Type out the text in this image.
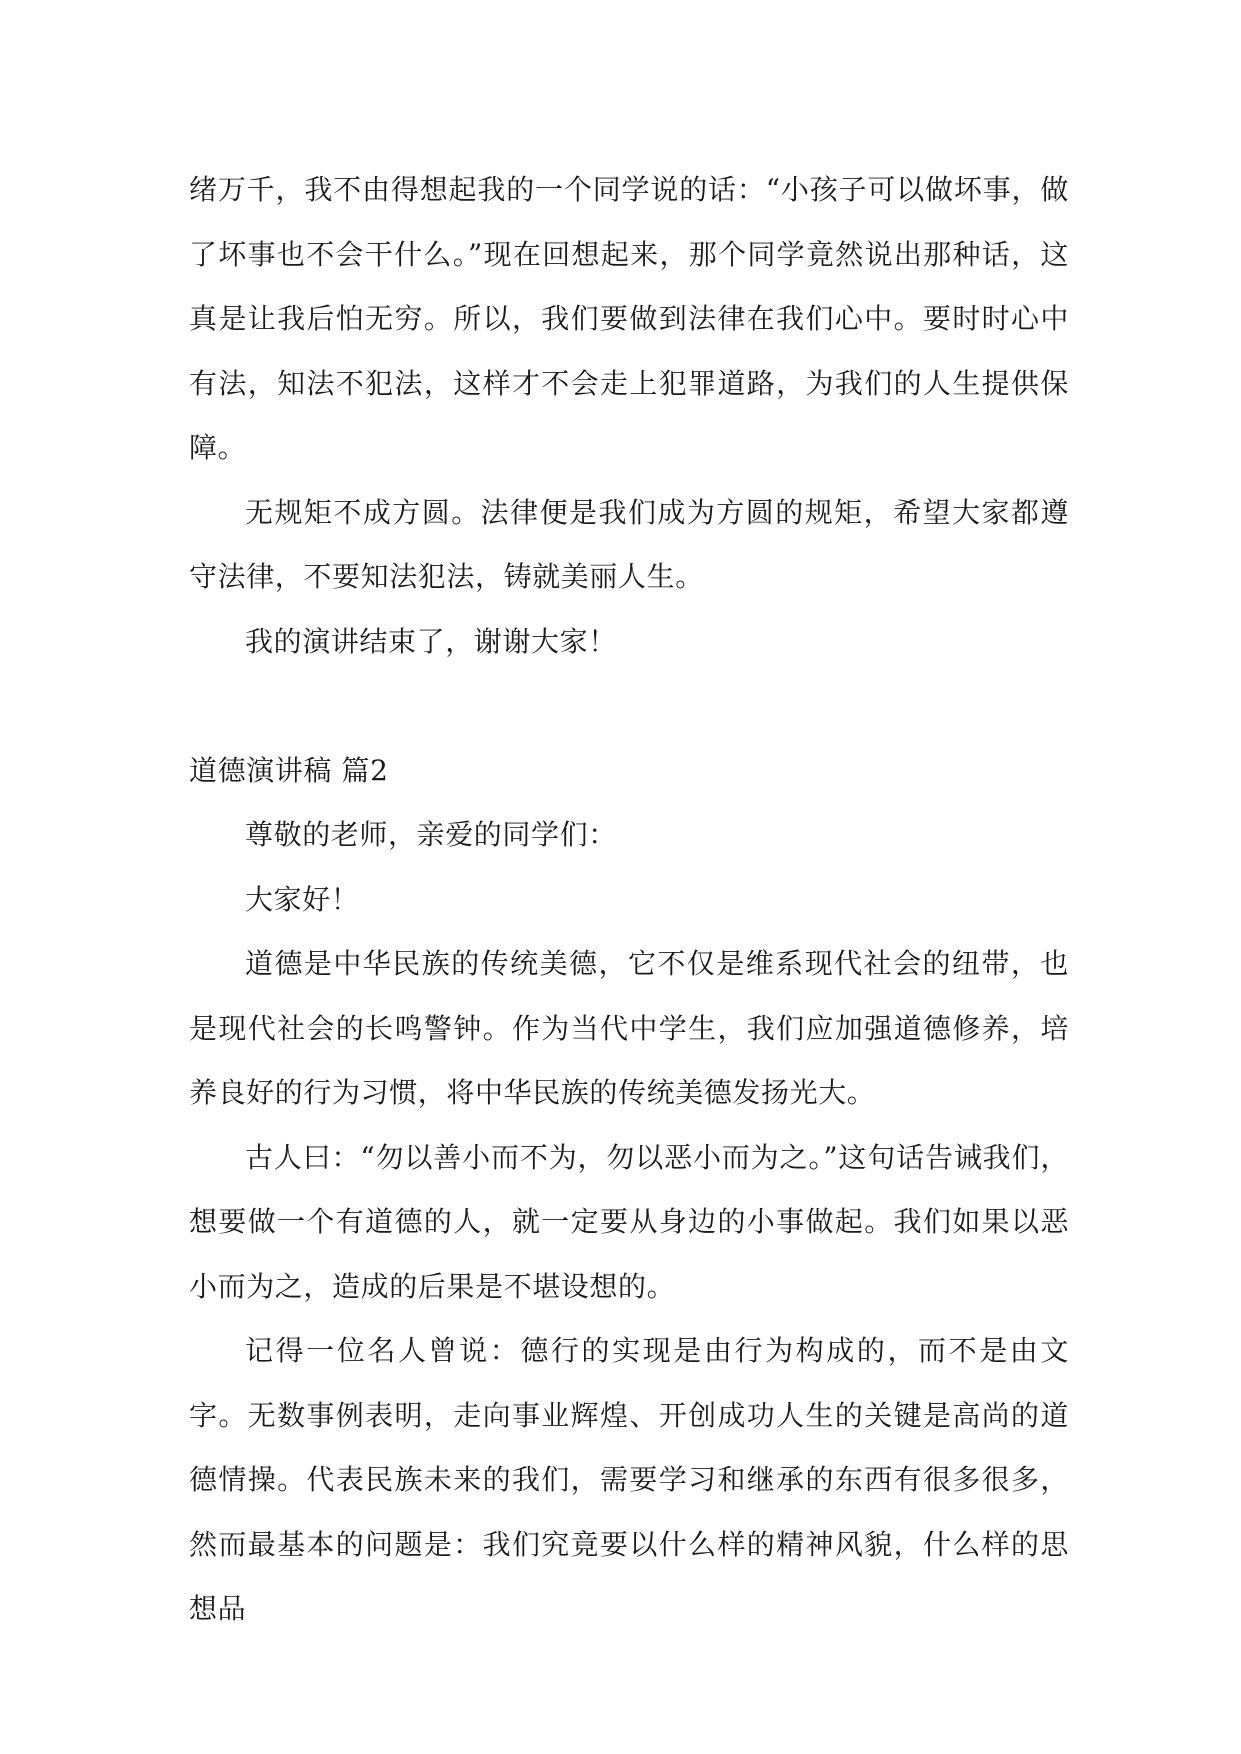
绪万千，我不由得想起我的一个同学说的话：“小孩子可以做坏事，做了坏事也不会干什么。”现在回想起来，那个同学竟然说出那种话，这真是让我后怕无穷。所以，我们要做到法律在我们心中。要时时心中有法，知法不犯法，这样才不会走上犯罪道路，为我们的人生提供保障。

无规矩不成方圆。法律便是我们成为方圆的规矩，希望大家都遵守法律，不要知法犯法，铸就美丽人生。

我的演讲结束了，谢谢大家！

道德演讲稿 篇2

尊敬的老师，亲爱的同学们：

大家好！

道德是中华民族的传统美德，它不仅是维系现代社会的纽带，也是现代社会的长鸣警钟。作为当代中学生，我们应加强道德修养，培养良好的行为习惯，将中华民族的传统美德发扬光大。

古人曰：“勿以善小而不为，勿以恶小而为之。”这句话告诫我们，想要做一个有道德的人，就一定要从身边的小事做起。我们如果以恶小而为之，造成的后果是不堪设想的。

记得一位名人曾说：德行的实现是由行为构成的，而不是由文字。无数事例表明，走向事业辉煌、开创成功人生的关键是高尚的道德情操。代表民族未来的我们，需要学习和继承的东西有很多很多，然而最基本的问题是：我们究竟要以什么样的精神风貌，什么样的思想品
